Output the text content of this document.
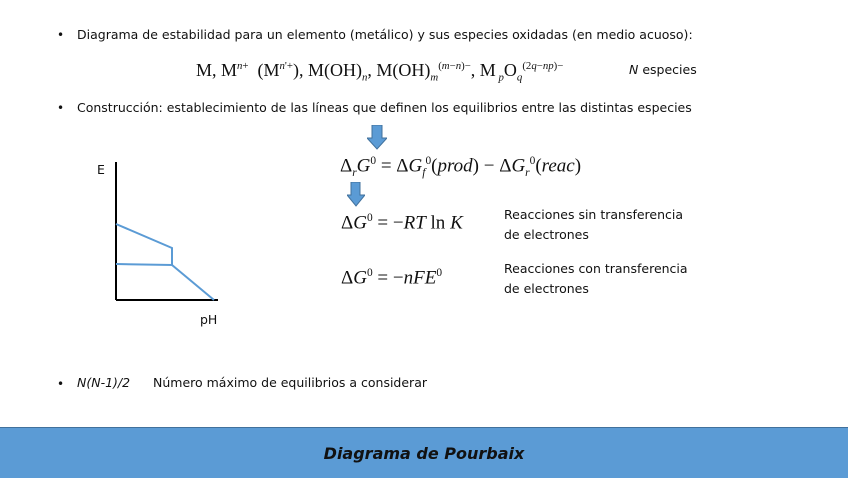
• Diagrama de estabilidad para un elemento (metálico) y sus especies oxidadas (en medio acuoso):
M, $M^{n+}$  $(M^{n'+})$, $M(OH)_n$, $M(OH)_m^{(m-n)-}$, M $_pO_q^{(2q-np)-}$	N especies
• Construcción: establecimiento de las líneas que definen los equilibrios entre las distintas especies
E
pH
$\Delta_rG^0$ = $\Delta G_f^0(prod)$ − $\Delta G_r^0(reac)$
$\Delta G^0 = -RT$ ln K	Reacciones sin transferencia
de electrones
$\Delta G^0 = -nFE^0$	Reacciones con transferencia
de electrones
• N(N-1)/2 Número máximo de equilibrios a considerar
Diagrama de Pourbaix
